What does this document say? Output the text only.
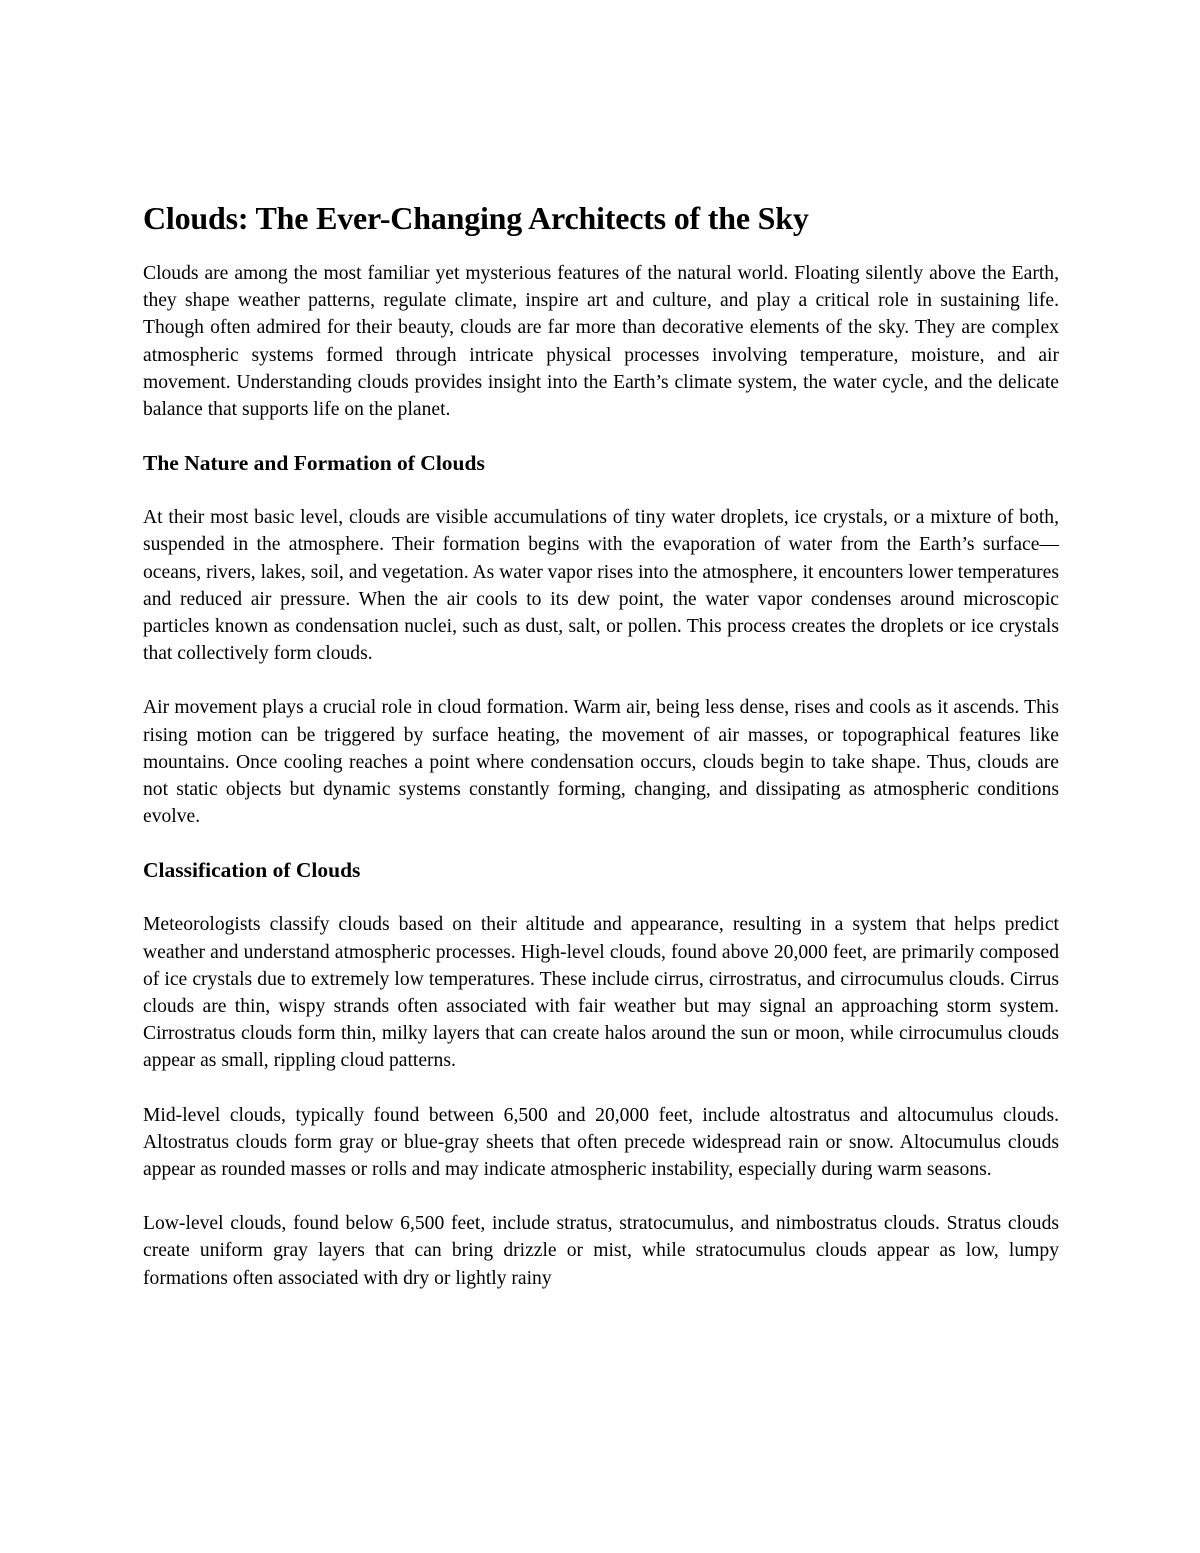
Clouds: The Ever-Changing Architects of the Sky

Clouds are among the most familiar yet mysterious features of the natural world. Floating silently above the Earth, they shape weather patterns, regulate climate, inspire art and culture, and play a critical role in sustaining life. Though often admired for their beauty, clouds are far more than decorative elements of the sky. They are complex atmospheric systems formed through intricate physical processes involving temperature, moisture, and air movement. Understanding clouds provides insight into the Earth’s climate system, the water cycle, and the delicate balance that supports life on the planet.

The Nature and Formation of Clouds

At their most basic level, clouds are visible accumulations of tiny water droplets, ice crystals, or a mixture of both, suspended in the atmosphere. Their formation begins with the evaporation of water from the Earth’s surface—oceans, rivers, lakes, soil, and vegetation. As water vapor rises into the atmosphere, it encounters lower temperatures and reduced air pressure. When the air cools to its dew point, the water vapor condenses around microscopic particles known as condensation nuclei, such as dust, salt, or pollen. This process creates the droplets or ice crystals that collectively form clouds.

Air movement plays a crucial role in cloud formation. Warm air, being less dense, rises and cools as it ascends. This rising motion can be triggered by surface heating, the movement of air masses, or topographical features like mountains. Once cooling reaches a point where condensation occurs, clouds begin to take shape. Thus, clouds are not static objects but dynamic systems constantly forming, changing, and dissipating as atmospheric conditions evolve.

Classification of Clouds

Meteorologists classify clouds based on their altitude and appearance, resulting in a system that helps predict weather and understand atmospheric processes. High-level clouds, found above 20,000 feet, are primarily composed of ice crystals due to extremely low temperatures. These include cirrus, cirrostratus, and cirrocumulus clouds. Cirrus clouds are thin, wispy strands often associated with fair weather but may signal an approaching storm system. Cirrostratus clouds form thin, milky layers that can create halos around the sun or moon, while cirrocumulus clouds appear as small, rippling cloud patterns.

Mid-level clouds, typically found between 6,500 and 20,000 feet, include altostratus and altocumulus clouds. Altostratus clouds form gray or blue-gray sheets that often precede widespread rain or snow. Altocumulus clouds appear as rounded masses or rolls and may indicate atmospheric instability, especially during warm seasons.

Low-level clouds, found below 6,500 feet, include stratus, stratocumulus, and nimbostratus clouds. Stratus clouds create uniform gray layers that can bring drizzle or mist, while stratocumulus clouds appear as low, lumpy formations often associated with dry or lightly rainy
